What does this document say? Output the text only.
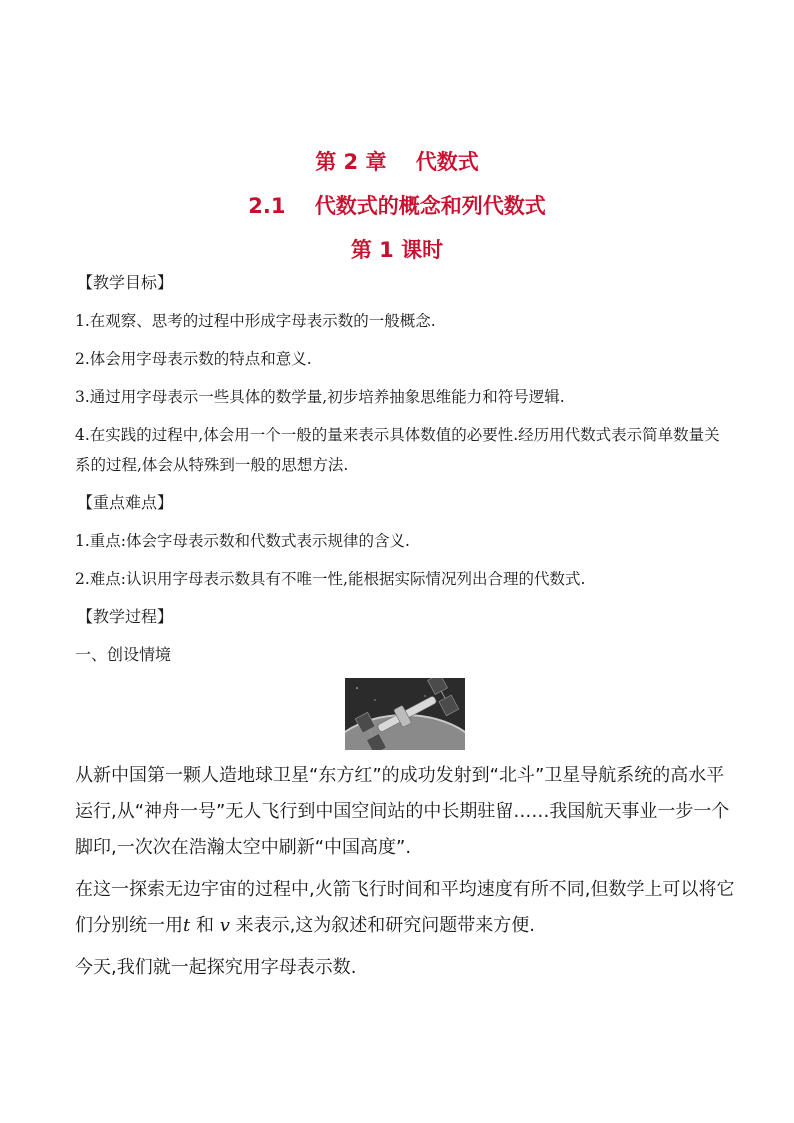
第 2 章    代数式
2.1    代数式的概念和列代数式
第 1 课时
【教学目标】

1.在观察、思考的过程中形成字母表示数的一般概念.

2.体会用字母表示数的特点和意义.

3.通过用字母表示一些具体的数学量,初步培养抽象思维能力和符号逻辑.

4.在实践的过程中,体会用一个一般的量来表示具体数值的必要性.经历用代数式表示简单数量关系的过程,体会从特殊到一般的思想方法.

【重点难点】

1.重点:体会字母表示数和代数式表示规律的含义.

2.难点:认识用字母表示数具有不唯一性,能根据实际情况列出合理的代数式.

【教学过程】
一、创设情境

从新中国第一颗人造地球卫星“东方红”的成功发射到“北斗”卫星导航系统的高水平运行,从“神舟一号”无人飞行到中国空间站的中长期驻留……我国航天事业一步一个脚印,一次次在浩瀚太空中刷新“中国高度”.

在这一探索无边宇宙的过程中,火箭飞行时间和平均速度有所不同,但数学上可以将它们分别统一用t 和 v 来表示,这为叙述和研究问题带来方便.

今天,我们就一起探究用字母表示数.
